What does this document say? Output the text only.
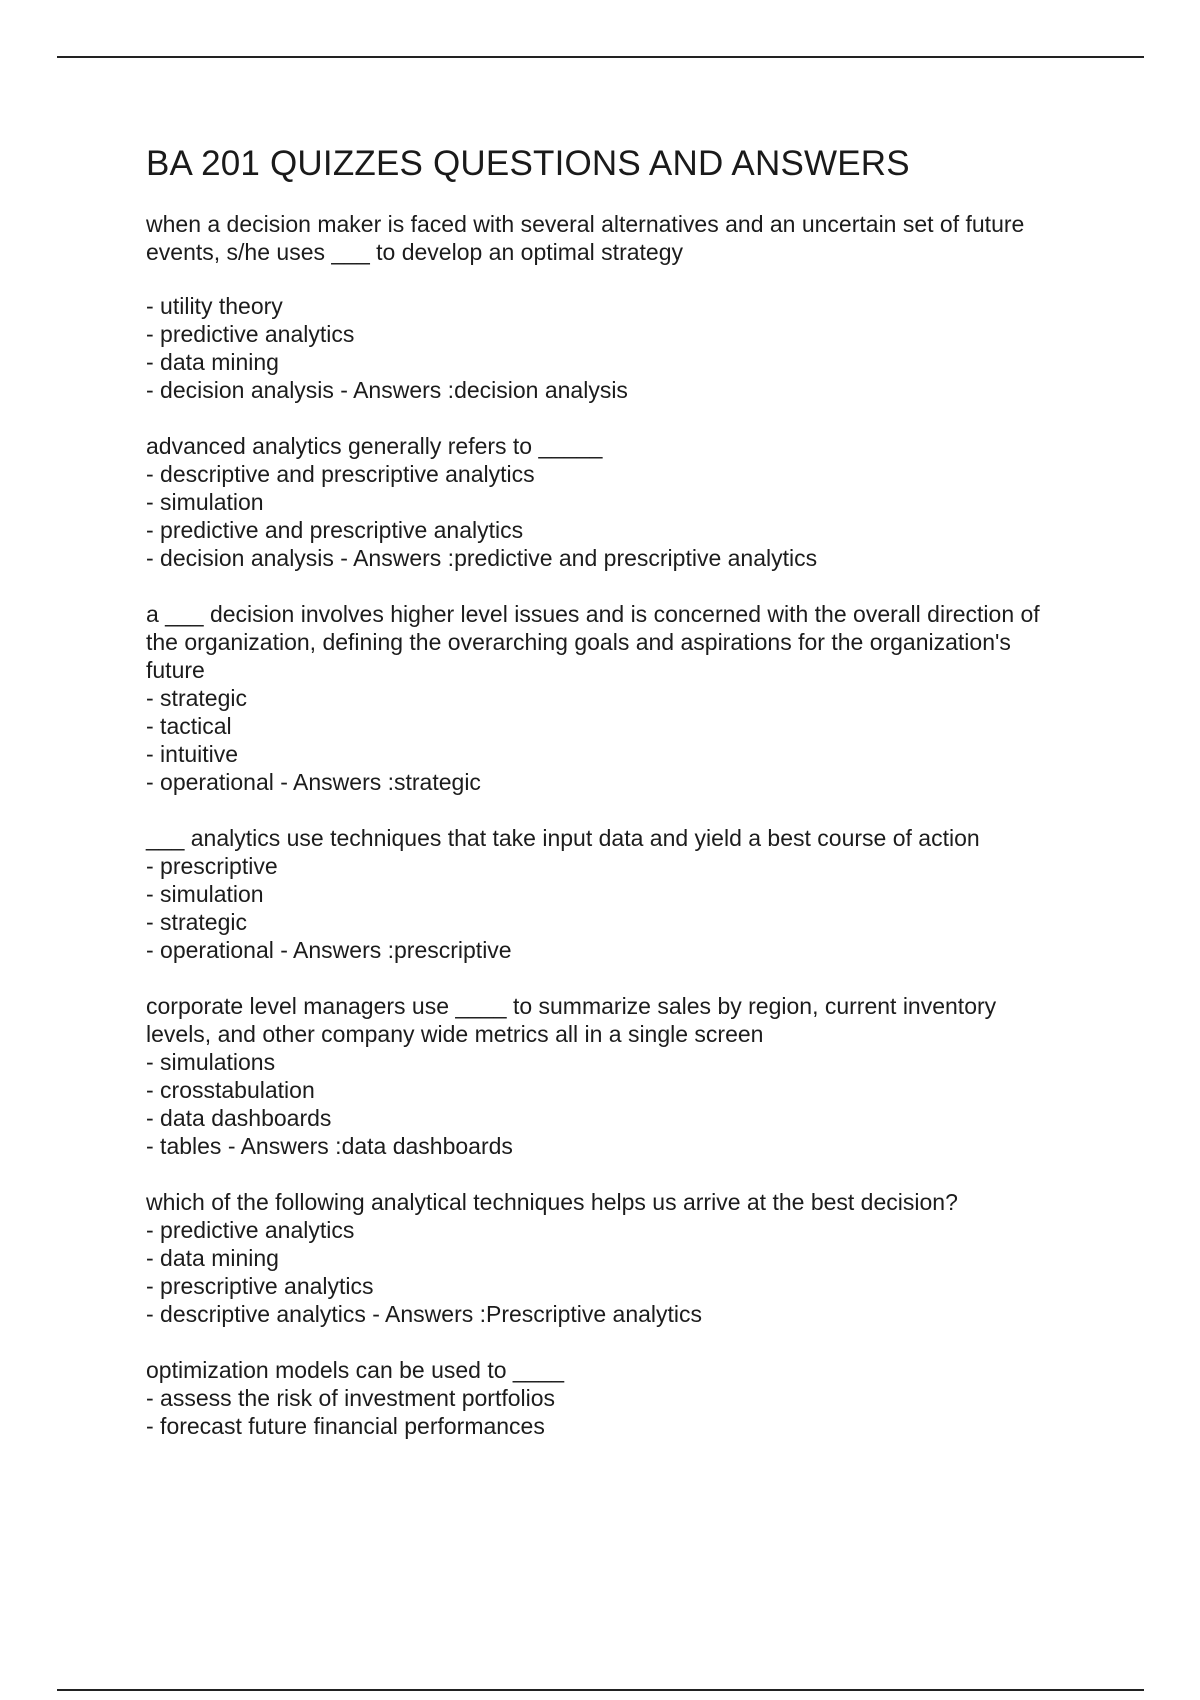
BA 201 QUIZZES QUESTIONS AND ANSWERS
when a decision maker is faced with several alternatives and an uncertain set of future
events, s/he uses ___ to develop an optimal strategy
- utility theory
- predictive analytics
- data mining
- decision analysis - Answers :decision analysis
advanced analytics generally refers to _____
- descriptive and prescriptive analytics
- simulation
- predictive and prescriptive analytics
- decision analysis - Answers :predictive and prescriptive analytics
a ___ decision involves higher level issues and is concerned with the overall direction of
the organization, defining the overarching goals and aspirations for the organization's
future
- strategic
- tactical
- intuitive
- operational - Answers :strategic
___ analytics use techniques that take input data and yield a best course of action
- prescriptive
- simulation
- strategic
- operational - Answers :prescriptive
corporate level managers use ____ to summarize sales by region, current inventory
levels, and other company wide metrics all in a single screen
- simulations
- crosstabulation
- data dashboards
- tables - Answers :data dashboards
which of the following analytical techniques helps us arrive at the best decision?
- predictive analytics
- data mining
- prescriptive analytics
- descriptive analytics - Answers :Prescriptive analytics
optimization models can be used to ____
- assess the risk of investment portfolios
- forecast future financial performances
